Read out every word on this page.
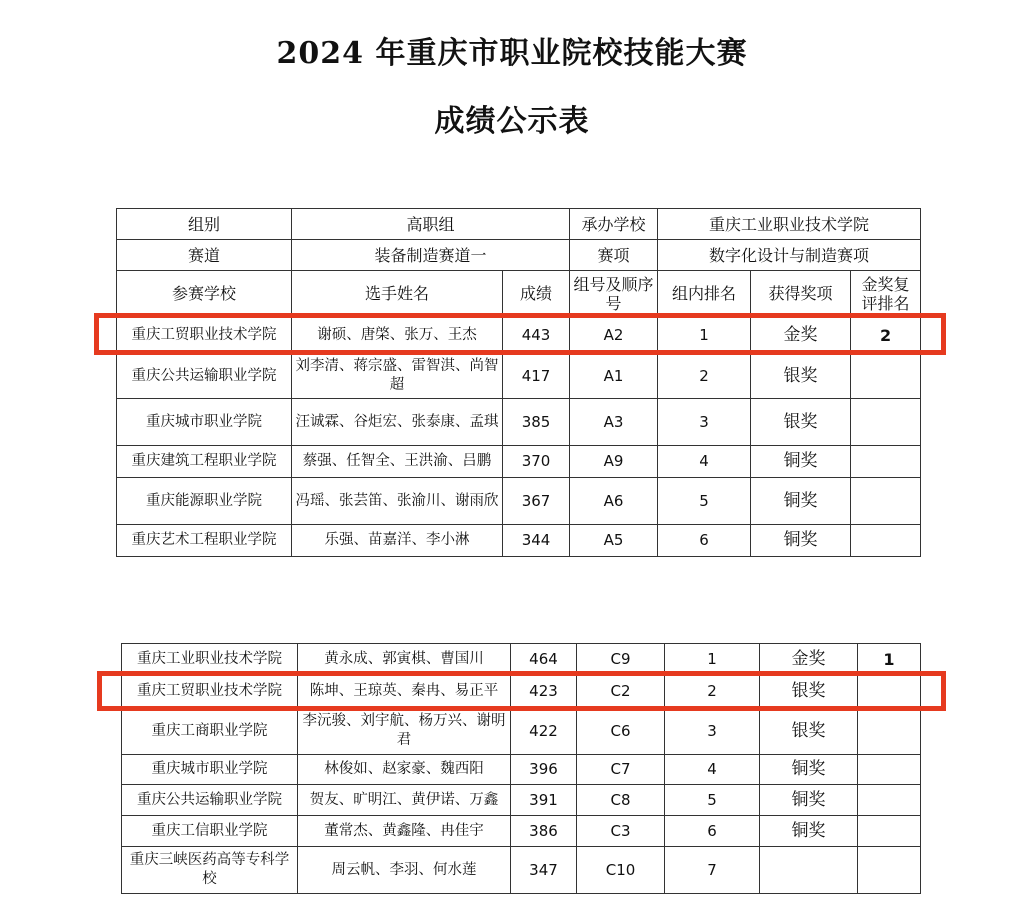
2024 年重庆市职业院校技能大赛
成绩公示表
组别	高职组		承办学校	重庆工业职业技术学院		
赛道	装备制造赛道一		赛项	数字化设计与制造赛项		
参赛学校	选手姓名	成绩	组号及顺序号	组内排名	获得奖项	金奖复评排名
重庆工贸职业技术学院	谢硕、唐棨、张万、王杰	443	A2	1	金奖	2
重庆公共运输职业学院	刘李清、蒋宗盛、雷智淇、尚智超	417	A1	2	银奖	
重庆城市职业学院	汪诚霖、谷炬宏、张泰康、孟琪	385	A3	3	银奖	
重庆建筑工程职业学院	蔡强、任智全、王洪渝、吕鹏	370	A9	4	铜奖	
重庆能源职业学院	冯瑶、张芸笛、张渝川、谢雨欣	367	A6	5	铜奖	
重庆艺术工程职业学院	乐强、苗嘉洋、李小淋	344	A5	6	铜奖	
重庆工业职业技术学院	黄永成、郭寅棋、曹国川	464	C9	1	金奖	1
重庆工贸职业技术学院	陈坤、王琼英、秦冉、易正平	423	C2	2	银奖	
重庆工商职业学院	李沅骏、刘宇航、杨万兴、谢明君	422	C6	3	银奖	
重庆城市职业学院	林俊如、赵家豪、魏西阳	396	C7	4	铜奖	
重庆公共运输职业学院	贺友、旷明江、黄伊诺、万鑫	391	C8	5	铜奖	
重庆工信职业学院	董常杰、黄鑫隆、冉佳宇	386	C3	6	铜奖	
重庆三峡医药高等专科学校	周云帆、李羽、何水莲	347	C10	7		
